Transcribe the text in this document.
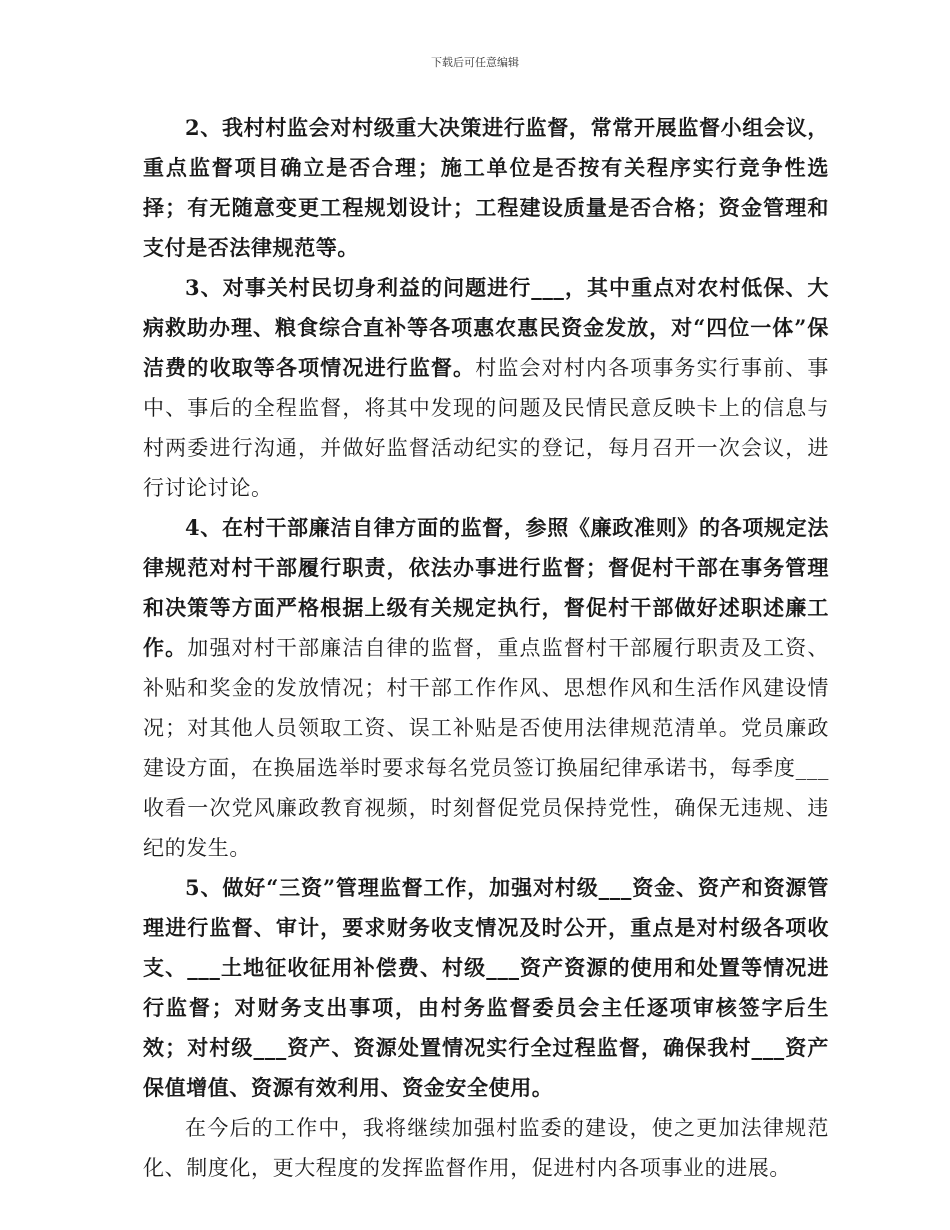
下载后可任意编辑

2、我村村监会对村级重大决策进行监督，常常开展监督小组会议，重点监督项目确立是否合理；施工单位是否按有关程序实行竞争性选择；有无随意变更工程规划设计；工程建设质量是否合格；资金管理和支付是否法律规范等。

3、对事关村民切身利益的问题进行___，其中重点对农村低保、大病救助办理、粮食综合直补等各项惠农惠民资金发放，对“四位一体”保洁费的收取等各项情况进行监督。村监会对村内各项事务实行事前、事中、事后的全程监督，将其中发现的问题及民情民意反映卡上的信息与村两委进行沟通，并做好监督活动纪实的登记，每月召开一次会议，进行讨论讨论。

4、在村干部廉洁自律方面的监督，参照《廉政准则》的各项规定法律规范对村干部履行职责，依法办事进行监督；督促村干部在事务管理和决策等方面严格根据上级有关规定执行，督促村干部做好述职述廉工作。加强对村干部廉洁自律的监督，重点监督村干部履行职责及工资、补贴和奖金的发放情况；村干部工作作风、思想作风和生活作风建设情况；对其他人员领取工资、误工补贴是否使用法律规范清单。党员廉政建设方面，在换届选举时要求每名党员签订换届纪律承诺书，每季度___收看一次党风廉政教育视频，时刻督促党员保持党性，确保无违规、违纪的发生。

5、做好“三资”管理监督工作，加强对村级___资金、资产和资源管理进行监督、审计，要求财务收支情况及时公开，重点是对村级各项收支、___土地征收征用补偿费、村级___资产资源的使用和处置等情况进行监督；对财务支出事项，由村务监督委员会主任逐项审核签字后生效；对村级___资产、资源处置情况实行全过程监督，确保我村___资产保值增值、资源有效利用、资金安全使用。

在今后的工作中，我将继续加强村监委的建设，使之更加法律规范化、制度化，更大程度的发挥监督作用，促进村内各项事业的进展。
